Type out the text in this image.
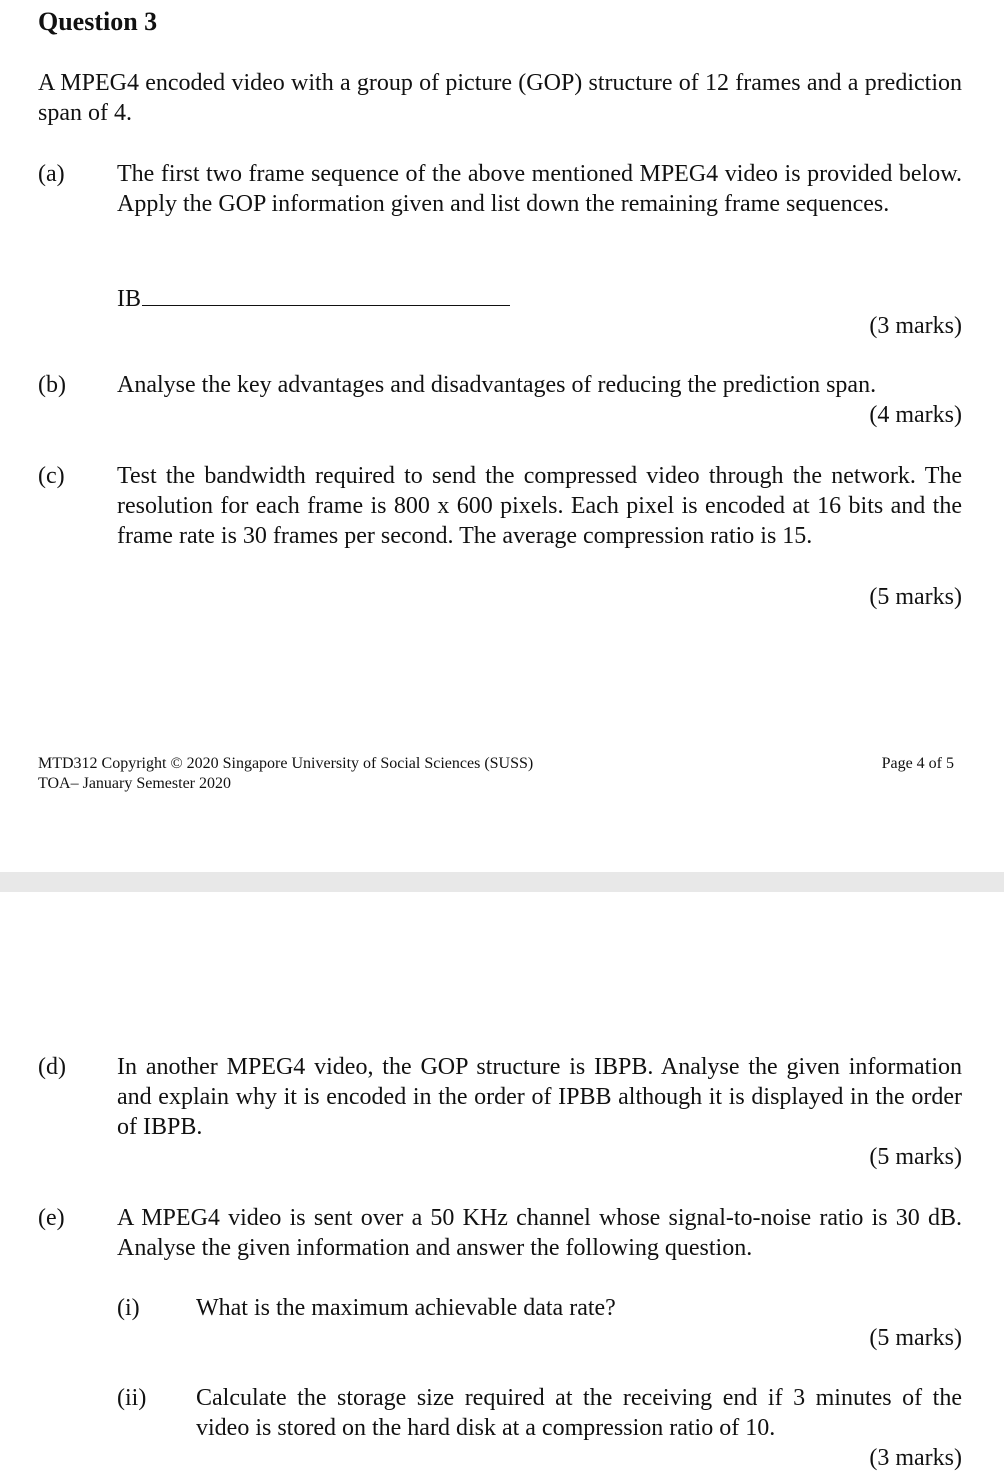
Question 3
A MPEG4 encoded video with a group of picture (GOP) structure of 12 frames and a prediction span of 4.
(a) The first two frame sequence of the above mentioned MPEG4 video is provided below. Apply the GOP information given and list down the remaining frame sequences.
IB
(3 marks)
(b) Analyse the key advantages and disadvantages of reducing the prediction span.
(4 marks)
(c) Test the bandwidth required to send the compressed video through the network. The resolution for each frame is 800 x 600 pixels. Each pixel is encoded at 16 bits and the frame rate is 30 frames per second. The average compression ratio is 15.
(5 marks)
MTD312 Copyright © 2020 Singapore University of Social Sciences (SUSS)
TOA– January Semester 2020
Page 4 of 5
(d) In another MPEG4 video, the GOP structure is IBPB. Analyse the given information and explain why it is encoded in the order of IPBB although it is displayed in the order of IBPB.
(5 marks)
(e) A MPEG4 video is sent over a 50 KHz channel whose signal-to-noise ratio is 30 dB. Analyse the given information and answer the following question.
(i) What is the maximum achievable data rate?
(5 marks)
(ii) Calculate the storage size required at the receiving end if 3 minutes of the video is stored on the hard disk at a compression ratio of 10.
(3 marks)
